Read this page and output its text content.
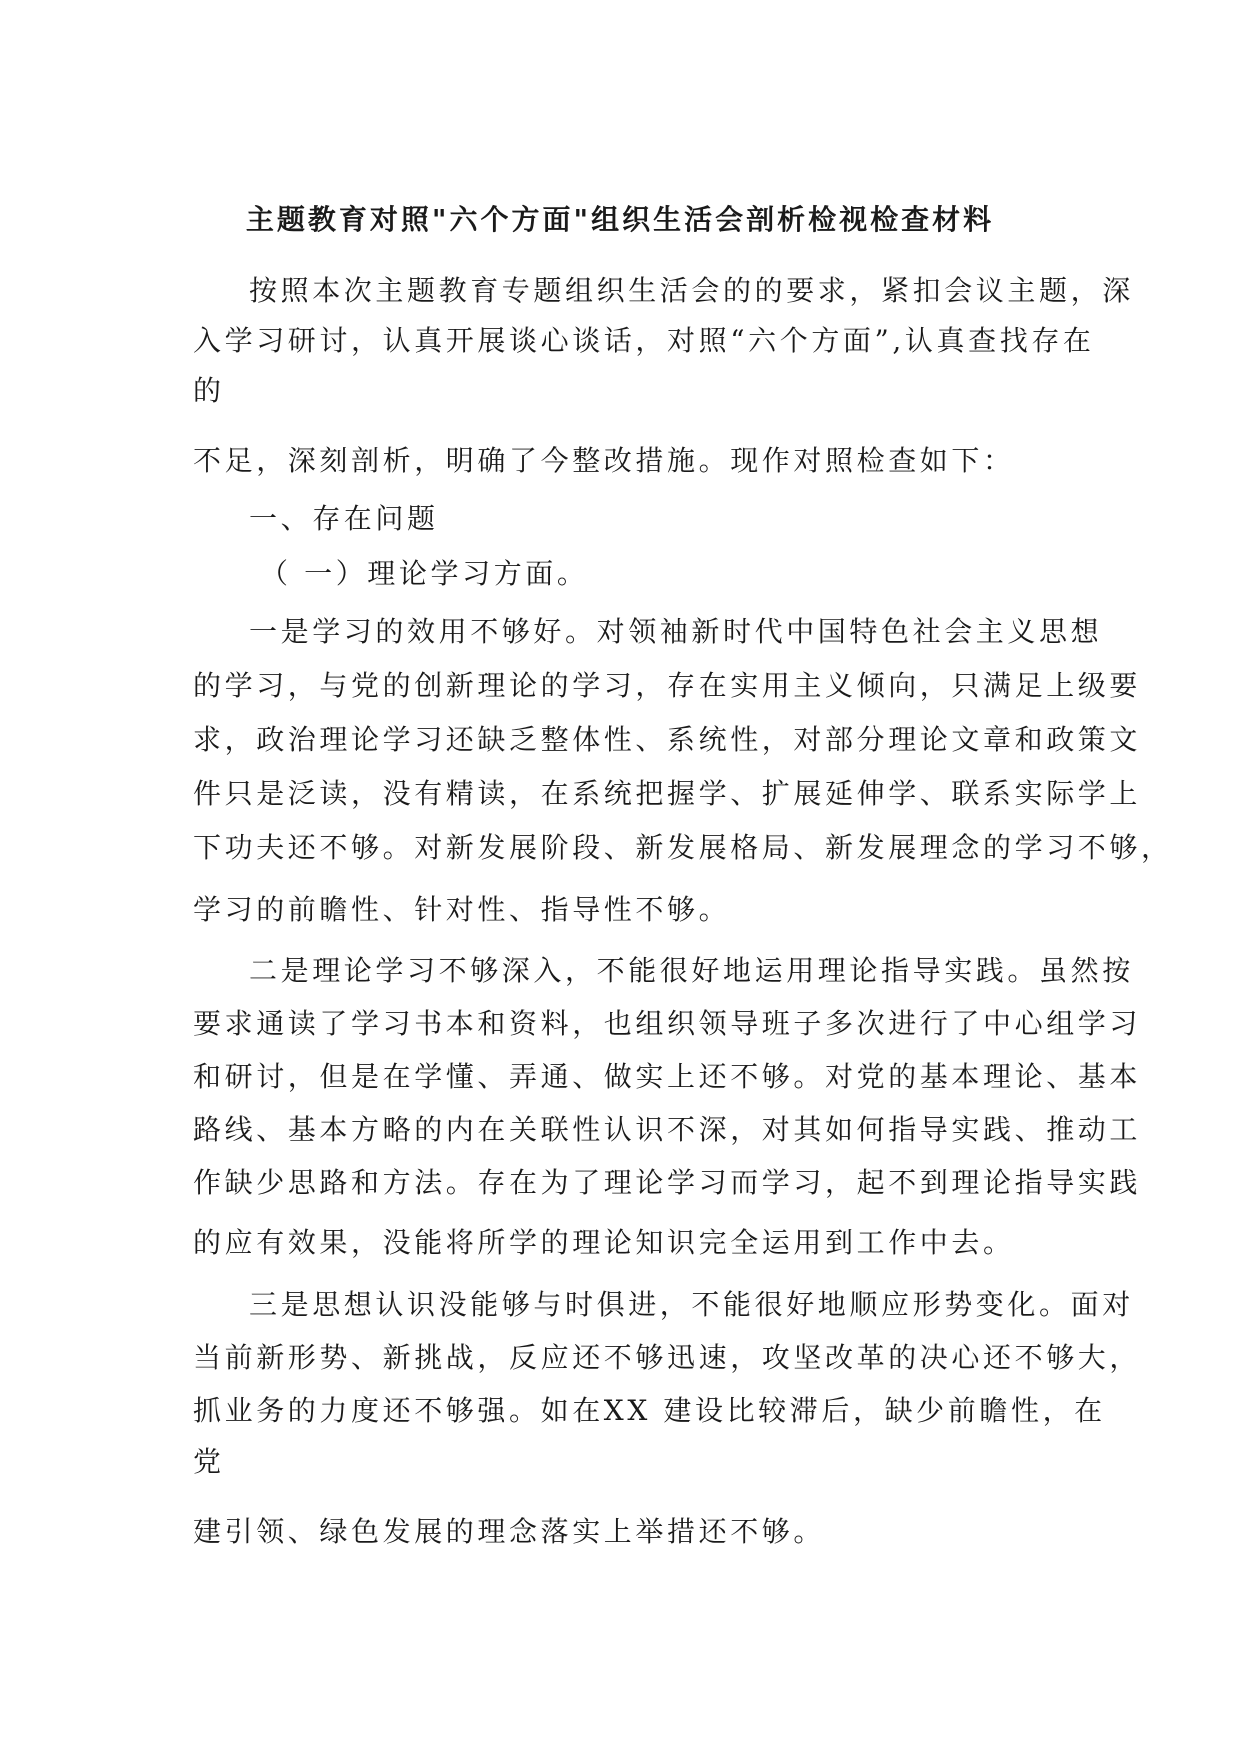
主题教育对照"六个方面"组织生活会剖析检视检查材料
按照本次主题教育专题组织生活会的的要求，紧扣会议主题，深
入学习研讨，认真开展谈心谈话，对照“六个方面”,认真查找存在
的
不足，深刻剖析，明确了今整改措施。现作对照检查如下：
一、存在问题
（ 一）理论学习方面。
一是学习的效用不够好。对领袖新时代中国特色社会主义思想
的学习，与党的创新理论的学习，存在实用主义倾向，只满足上级要
求，政治理论学习还缺乏整体性、系统性，对部分理论文章和政策文
件只是泛读，没有精读，在系统把握学、扩展延伸学、联系实际学上
下功夫还不够。对新发展阶段、新发展格局、新发展理念的学习不够，
学习的前瞻性、针对性、指导性不够。
二是理论学习不够深入，不能很好地运用理论指导实践。虽然按
要求通读了学习书本和资料，也组织领导班子多次进行了中心组学习
和研讨，但是在学懂、弄通、做实上还不够。对党的基本理论、基本
路线、基本方略的内在关联性认识不深，对其如何指导实践、推动工
作缺少思路和方法。存在为了理论学习而学习，起不到理论指导实践
的应有效果，没能将所学的理论知识完全运用到工作中去。
三是思想认识没能够与时俱进，不能很好地顺应形势变化。面对
当前新形势、新挑战，反应还不够迅速，攻坚改革的决心还不够大，
抓业务的力度还不够强。如在XX 建设比较滞后，缺少前瞻性，在
党
建引领、绿色发展的理念落实上举措还不够。
